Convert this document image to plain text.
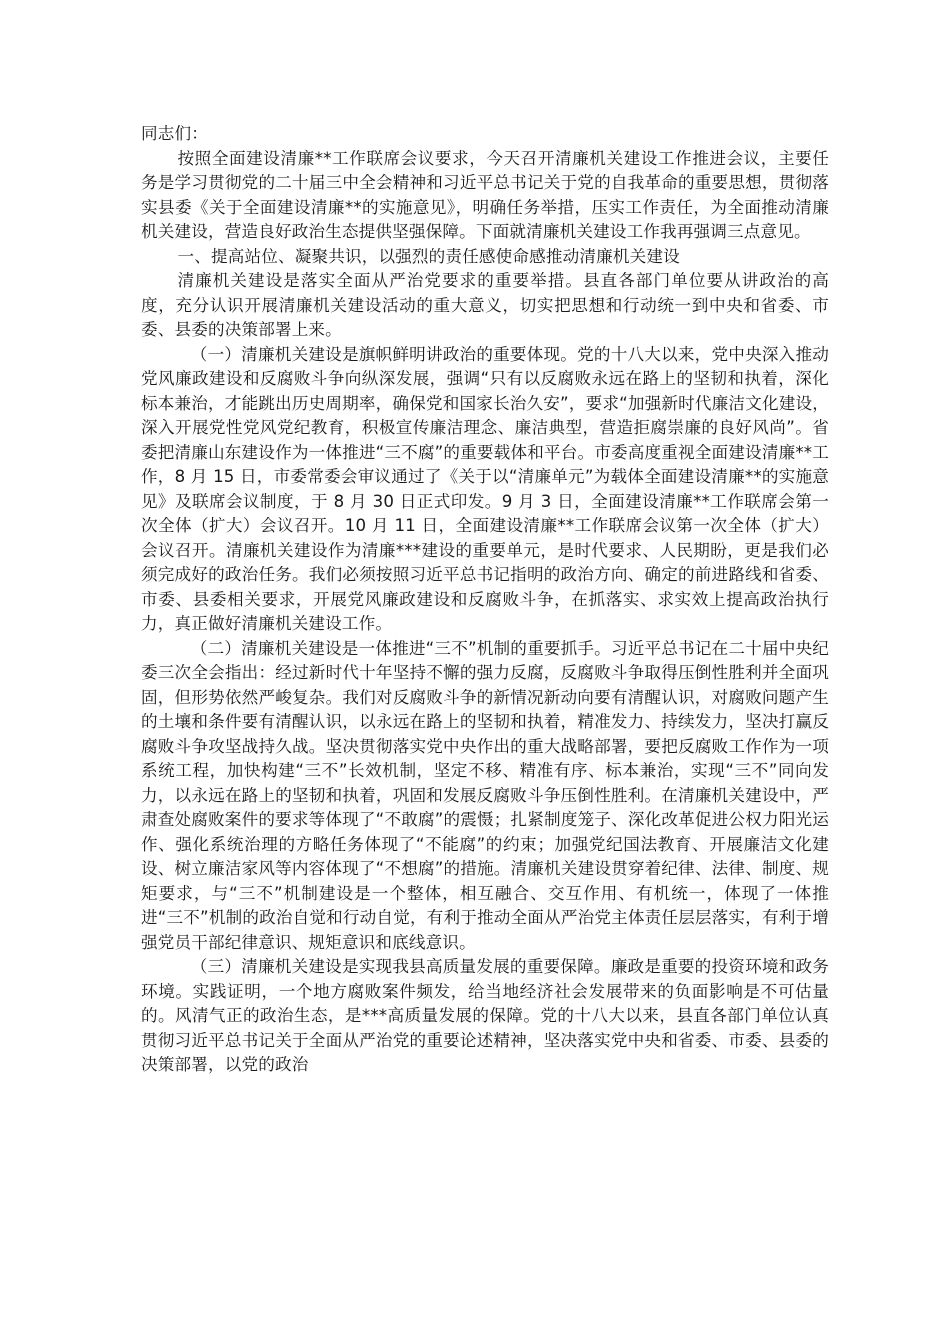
同志们：

按照全面建设清廉**工作联席会议要求，今天召开清廉机关建设工作推进会议，主要任务是学习贯彻党的二十届三中全会精神和习近平总书记关于党的自我革命的重要思想，贯彻落实县委《关于全面建设清廉**的实施意见》，明确任务举措，压实工作责任，为全面推动清廉机关建设，营造良好政治生态提供坚强保障。下面就清廉机关建设工作我再强调三点意见。

一、提高站位、凝聚共识，以强烈的责任感使命感推动清廉机关建设

清廉机关建设是落实全面从严治党要求的重要举措。县直各部门单位要从讲政治的高度，充分认识开展清廉机关建设活动的重大意义，切实把思想和行动统一到中央和省委、市委、县委的决策部署上来。

（一）清廉机关建设是旗帜鲜明讲政治的重要体现。党的十八大以来，党中央深入推动党风廉政建设和反腐败斗争向纵深发展，强调“只有以反腐败永远在路上的坚韧和执着，深化标本兼治，才能跳出历史周期率，确保党和国家长治久安”，要求“加强新时代廉洁文化建设，深入开展党性党风党纪教育，积极宣传廉洁理念、廉洁典型，营造拒腐崇廉的良好风尚”。省委把清廉山东建设作为一体推进“三不腐”的重要载体和平台。市委高度重视全面建设清廉**工作，8 月 15 日，市委常委会审议通过了《关于以“清廉单元”为载体全面建设清廉**的实施意见》及联席会议制度，于 8 月 30 日正式印发。9 月 3 日，全面建设清廉**工作联席会第一次全体（扩大）会议召开。10 月 11 日，全面建设清廉**工作联席会议第一次全体（扩大）会议召开。清廉机关建设作为清廉***建设的重要单元，是时代要求、人民期盼，更是我们必须完成好的政治任务。我们必须按照习近平总书记指明的政治方向、确定的前进路线和省委、市委、县委相关要求，开展党风廉政建设和反腐败斗争，在抓落实、求实效上提高政治执行力，真正做好清廉机关建设工作。

（二）清廉机关建设是一体推进“三不”机制的重要抓手。习近平总书记在二十届中央纪委三次全会指出：经过新时代十年坚持不懈的强力反腐，反腐败斗争取得压倒性胜利并全面巩固，但形势依然严峻复杂。我们对反腐败斗争的新情况新动向要有清醒认识，对腐败问题产生的土壤和条件要有清醒认识，以永远在路上的坚韧和执着，精准发力、持续发力，坚决打赢反腐败斗争攻坚战持久战。坚决贯彻落实党中央作出的重大战略部署，要把反腐败工作作为一项系统工程，加快构建“三不”长效机制，坚定不移、精准有序、标本兼治，实现“三不”同向发力，以永远在路上的坚韧和执着，巩固和发展反腐败斗争压倒性胜利。在清廉机关建设中，严肃查处腐败案件的要求等体现了“不敢腐”的震慑；扎紧制度笼子、深化改革促进公权力阳光运作、强化系统治理的方略任务体现了“不能腐”的约束；加强党纪国法教育、开展廉洁文化建设、树立廉洁家风等内容体现了“不想腐”的措施。清廉机关建设贯穿着纪律、法律、制度、规矩要求，与“三不”机制建设是一个整体，相互融合、交互作用、有机统一，体现了一体推进“三不”机制的政治自觉和行动自觉，有利于推动全面从严治党主体责任层层落实，有利于增强党员干部纪律意识、规矩意识和底线意识。

（三）清廉机关建设是实现我县高质量发展的重要保障。廉政是重要的投资环境和政务环境。实践证明，一个地方腐败案件频发，给当地经济社会发展带来的负面影响是不可估量的。风清气正的政治生态，是***高质量发展的保障。党的十八大以来，县直各部门单位认真贯彻习近平总书记关于全面从严治党的重要论述精神，坚决落实党中央和省委、市委、县委的决策部署，以党的政治
